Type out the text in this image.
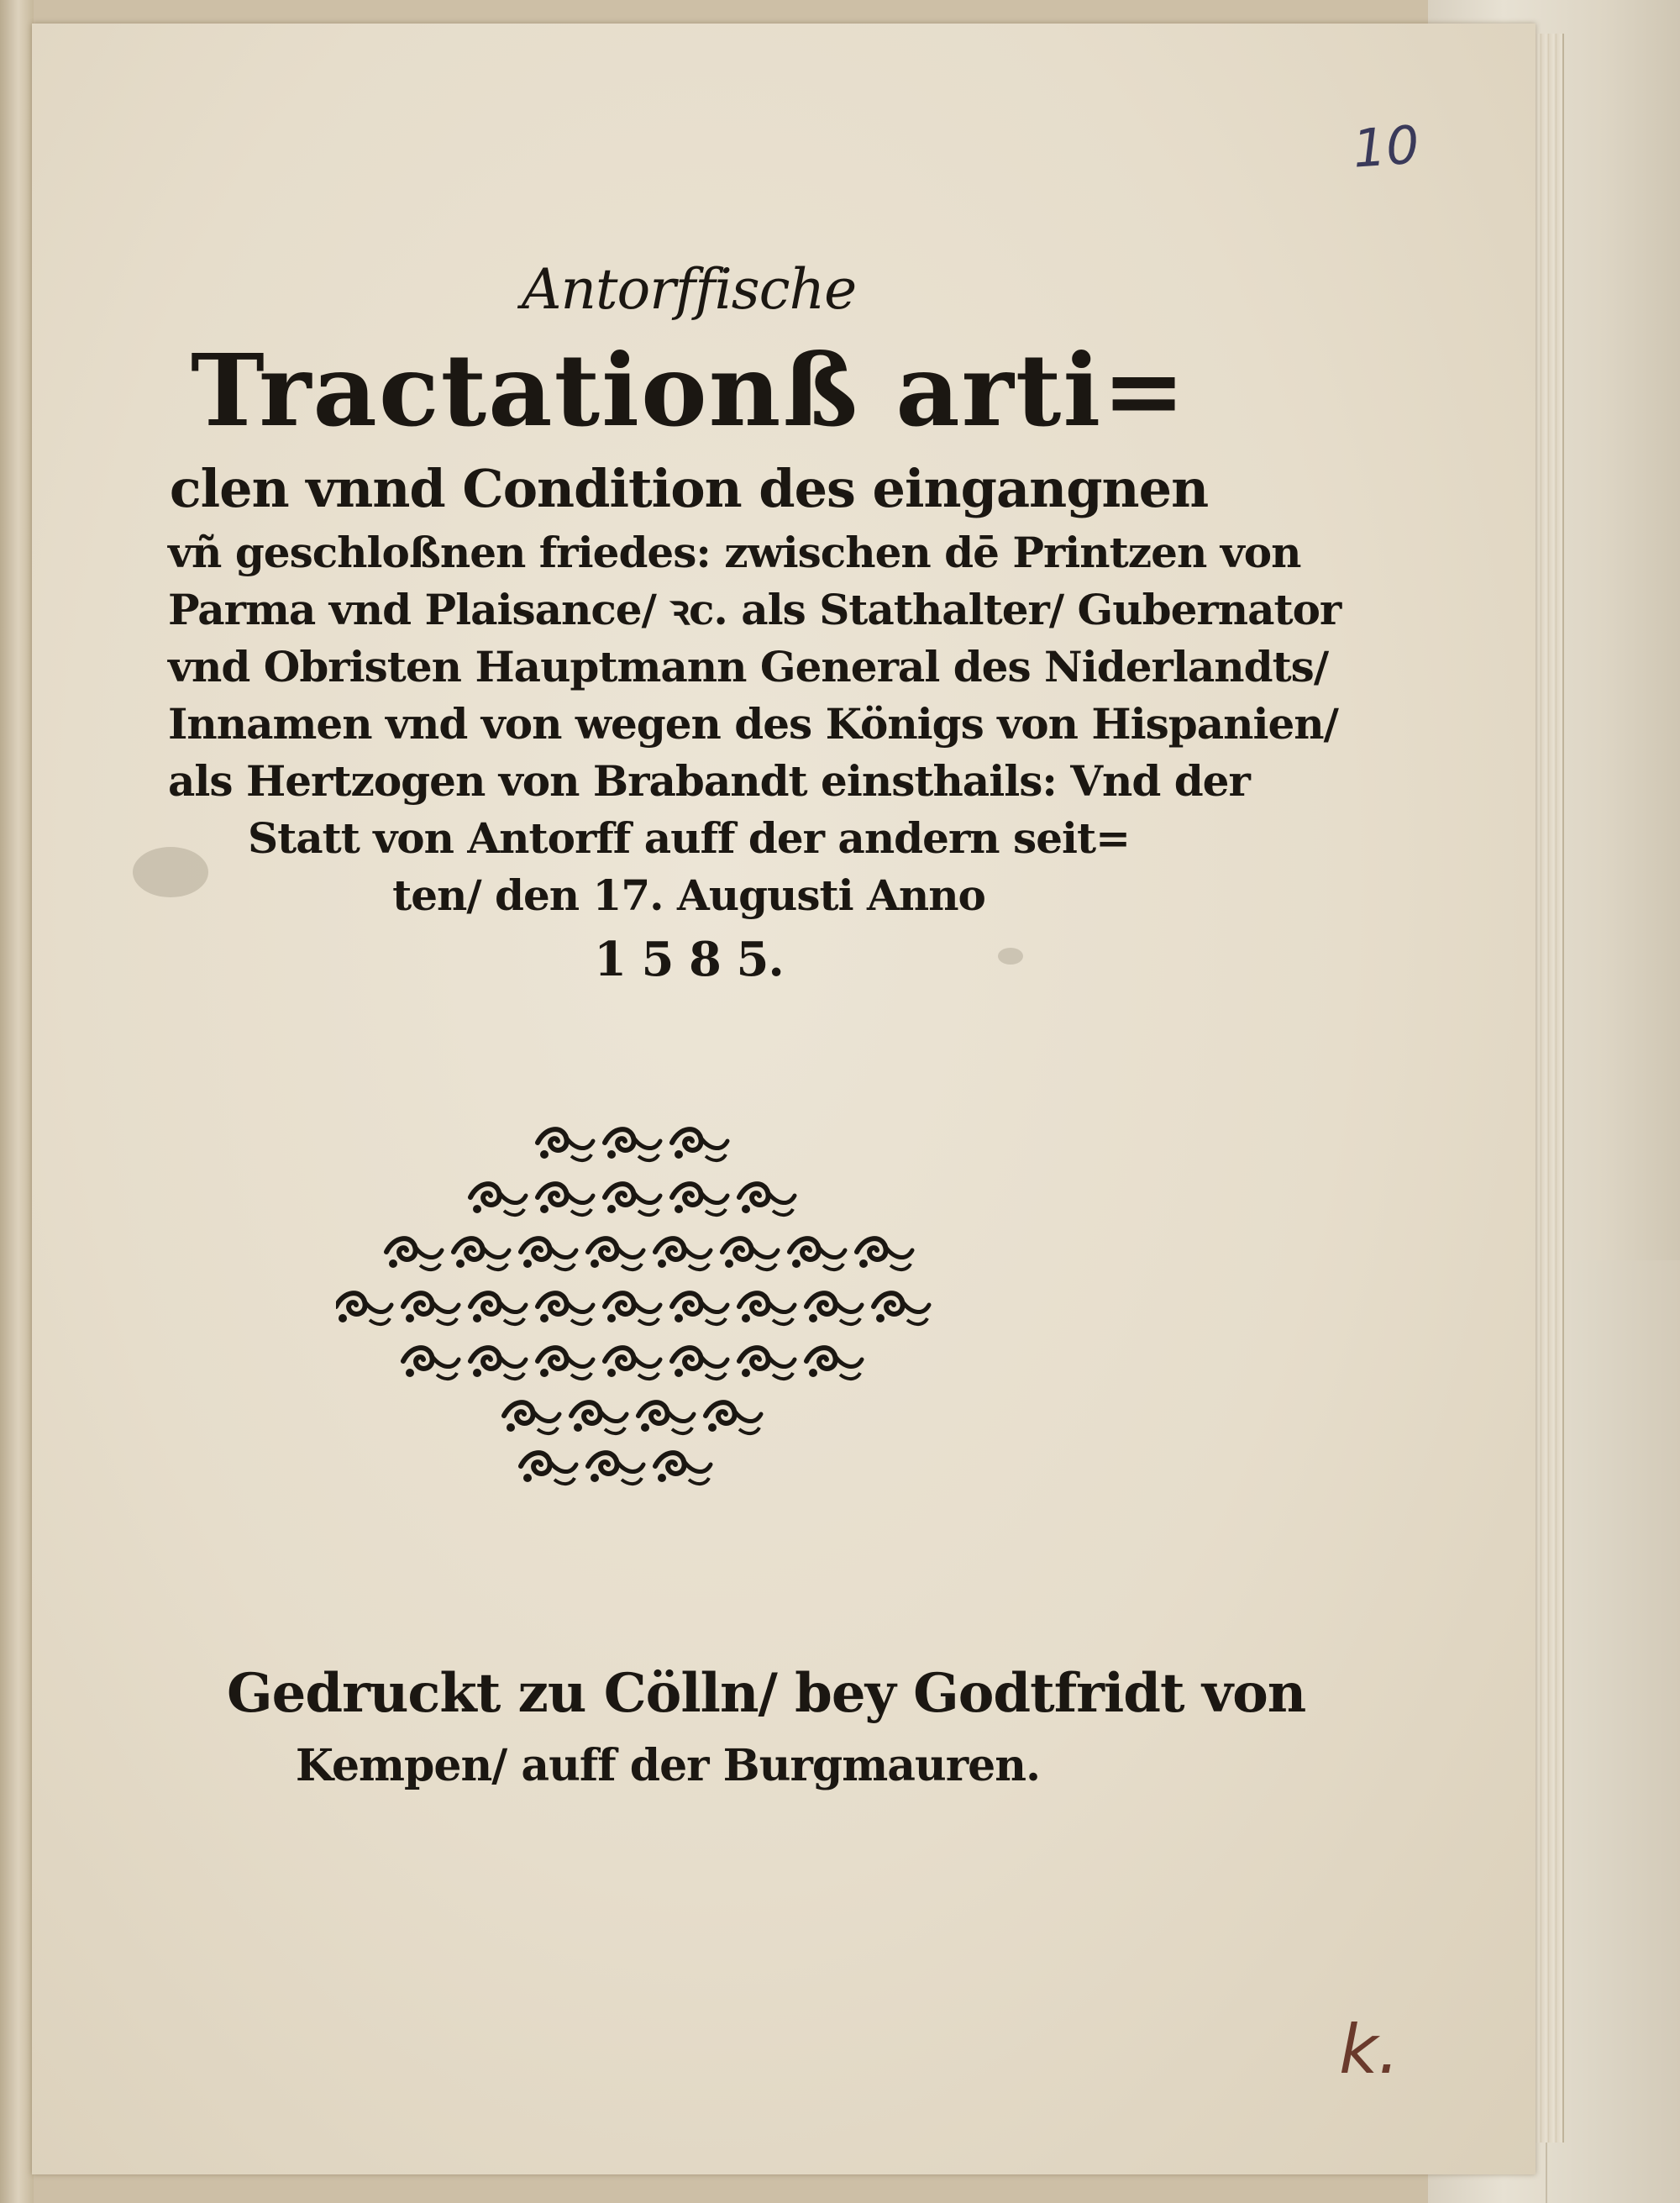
10
Antorffische
Tractationß arti=
clen vnnd Condition des eingangnen
vñ geschloßnen friedes: zwischen dē Printzen von
Parma vnd Plaisance/ ꝛc. als Stathalter/ Gubernator
vnd Obristen Hauptmann General des Niderlandts/
Innamen vnd von wegen des Königs von Hispanien/
als Hertzogen von Brabandt einsthails: Vnd der
Statt von Antorff auff der andern seit=
ten/ den 17. Augusti Anno
1 5 8 5.
Gedruckt zu Cölln/ bey Godtfridt von
Kempen/ auff der Burgmauren.
k.
